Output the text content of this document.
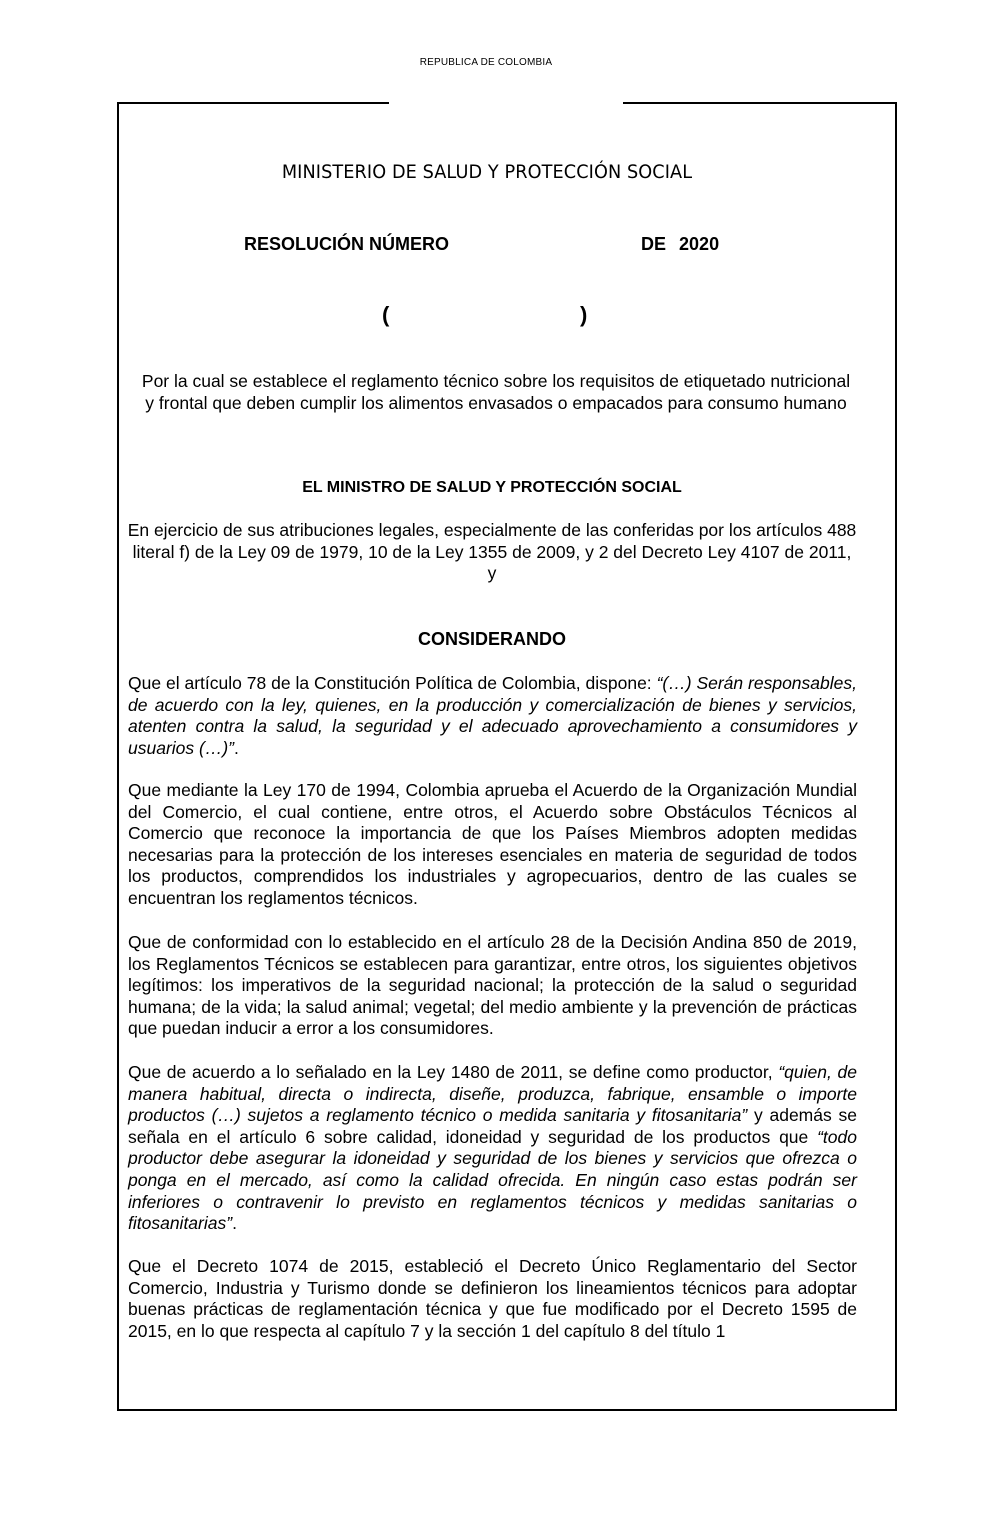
REPUBLICA DE COLOMBIA
MINISTERIO DE SALUD Y PROTECCIÓN SOCIAL
RESOLUCIÓN NÚMERO	DE 2020
(	)
Por la cual se establece el reglamento técnico sobre los requisitos de etiquetado nutricional y frontal que deben cumplir los alimentos envasados o empacados para consumo humano
EL MINISTRO DE SALUD Y PROTECCIÓN SOCIAL
En ejercicio de sus atribuciones legales, especialmente de las conferidas por los artículos 488 literal f) de la Ley 09 de 1979, 10 de la Ley 1355 de 2009, y 2 del Decreto Ley 4107 de 2011, y
CONSIDERANDO
Que el artículo 78 de la Constitución Política de Colombia, dispone: “(…) Serán responsables, de acuerdo con la ley, quienes, en la producción y comercialización de bienes y servicios, atenten contra la salud, la seguridad y el adecuado aprovechamiento a consumidores y usuarios (…)”.
Que mediante la Ley 170 de 1994, Colombia aprueba el Acuerdo de la Organización Mundial del Comercio, el cual contiene, entre otros, el Acuerdo sobre Obstáculos Técnicos al Comercio que reconoce la importancia de que los Países Miembros adopten medidas necesarias para la protección de los intereses esenciales en materia de seguridad de todos los productos, comprendidos los industriales y agropecuarios, dentro de las cuales se encuentran los reglamentos técnicos.
Que de conformidad con lo establecido en el artículo 28 de la Decisión Andina 850 de 2019, los Reglamentos Técnicos se establecen para garantizar, entre otros, los siguientes objetivos legítimos: los imperativos de la seguridad nacional; la protección de la salud o seguridad humana; de la vida; la salud animal; vegetal; del medio ambiente y la prevención de prácticas que puedan inducir a error a los consumidores.
Que de acuerdo a lo señalado en la Ley 1480 de 2011, se define como productor, “quien, de manera habitual, directa o indirecta, diseñe, produzca, fabrique, ensamble o importe productos (…) sujetos a reglamento técnico o medida sanitaria y fitosanitaria” y además se señala en el artículo 6 sobre calidad, idoneidad y seguridad de los productos que “todo productor debe asegurar la idoneidad y seguridad de los bienes y servicios que ofrezca o ponga en el mercado, así como la calidad ofrecida. En ningún caso estas podrán ser inferiores o contravenir lo previsto en reglamentos técnicos y medidas sanitarias o fitosanitarias”.
Que el Decreto 1074 de 2015, estableció el Decreto Único Reglamentario del Sector Comercio, Industria y Turismo donde se definieron los lineamientos técnicos para adoptar buenas prácticas de reglamentación técnica y que fue modificado por el Decreto 1595 de 2015, en lo que respecta al capítulo 7 y la sección 1 del capítulo 8 del título 1
